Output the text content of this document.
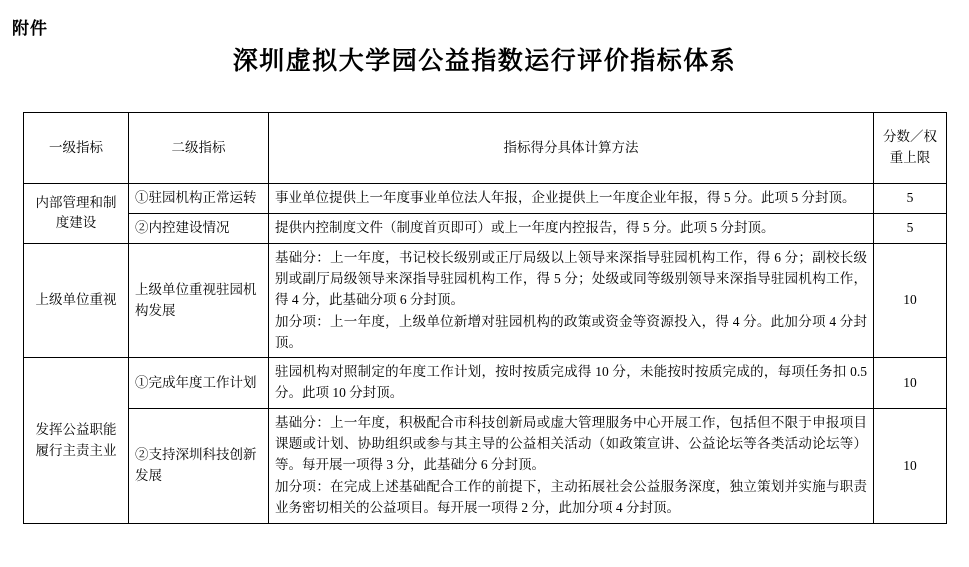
附件
深圳虚拟大学园公益指数运行评价指标体系
一级指标	二级指标	指标得分具体计算方法	分数／权重上限
内部管理和制度建设	①驻园机构正常运转	事业单位提供上一年度事业单位法人年报，企业提供上一年度企业年报，得 5 分。此项 5 分封顶。	5
	②内控建设情况	提供内控制度文件（制度首页即可）或上一年度内控报告，得 5 分。此项 5 分封顶。	5
上级单位重视	上级单位重视驻园机构发展	基础分：上一年度，书记校长级别或正厅局级以上领导来深指导驻园机构工作，得 6 分；副校长级别或副厅局级领导来深指导驻园机构工作，得 5 分；处级或同等级别领导来深指导驻园机构工作，得 4 分，此基础分项 6 分封顶。
加分项：上一年度，上级单位新增对驻园机构的政策或资金等资源投入，得 4 分。此加分项 4 分封顶。	10
发挥公益职能履行主责主业	①完成年度工作计划	驻园机构对照制定的年度工作计划，按时按质完成得 10 分，未能按时按质完成的，每项任务扣 0.5 分。此项 10 分封顶。	10
	②支持深圳科技创新发展	基础分：上一年度，积极配合市科技创新局或虚大管理服务中心开展工作，包括但不限于申报项目课题或计划、协助组织或参与其主导的公益相关活动（如政策宣讲、公益论坛等各类活动论坛等）等。每开展一项得 3 分，此基础分 6 分封顶。
加分项：在完成上述基础配合工作的前提下，主动拓展社会公益服务深度，独立策划并实施与职责业务密切相关的公益项目。每开展一项得 2 分，此加分项 4 分封顶。	10
